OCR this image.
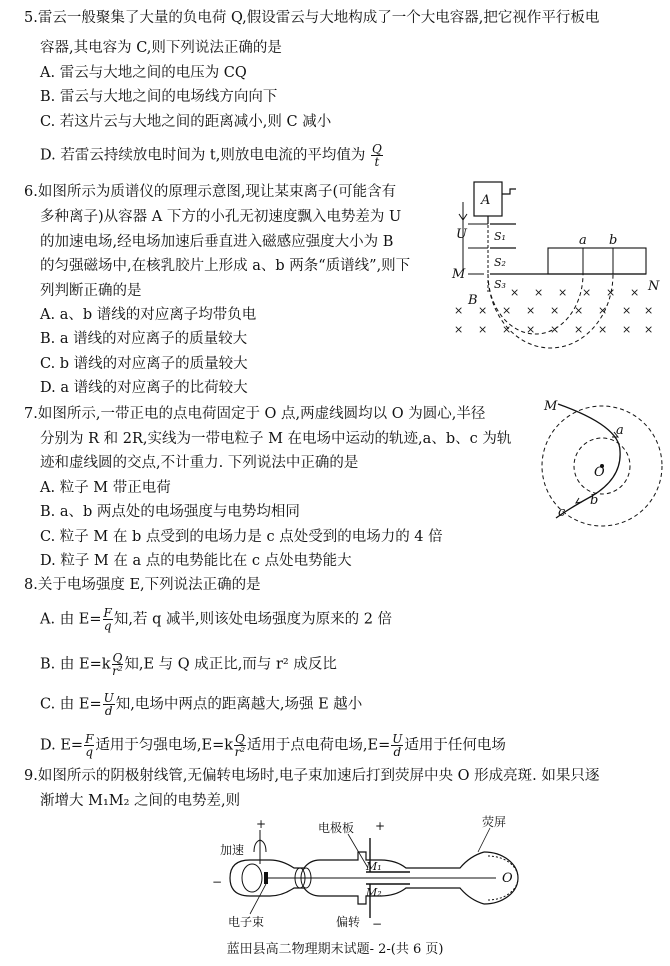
5.雷云一般聚集了大量的负电荷 Q,假设雷云与大地构成了一个大电容器,把它视作平行板电
容器,其电容为 C,则下列说法正确的是
A. 雷云与大地之间的电压为 CQ
B. 雷云与大地之间的电场线方向向下
C. 若这片云与大地之间的距离减小,则 C 减小
D. 若雷云持续放电时间为 t,则放电电流的平均值为 $\frac{Q}{t}$
6.如图所示为质谱仪的原理示意图,现让某束离子(可能含有
多种离子)从容器 A 下方的小孔无初速度飘入电势差为 U
的加速电场,经电场加速后垂直进入磁感应强度大小为 B
的匀强磁场中,在核乳胶片上形成 a、b 两条“质谱线”,则下
列判断正确的是
A. a、b 谱线的对应离子均带负电
B. a 谱线的对应离子的质量较大
C. b 谱线的对应离子的质量较大
D. a 谱线的对应离子的比荷较大
A
U S₁
S₂
S₃
M
a b
N
B
× × × × × ×
× × × × × × × × ×
× × × × × × × × ×
7.如图所示,一带正电的点电荷固定于 O 点,两虚线圆均以 O 为圆心,半径
分别为 R 和 2R,实线为一带电粒子 M 在电场中运动的轨迹,a、b、c 为轨
迹和虚线圆的交点,不计重力. 下列说法中正确的是
A. 粒子 M 带正电荷
B. a、b 两点处的电场强度与电势均相同
C. 粒子 M 在 b 点受到的电场力是 c 点处受到的电场力的 4 倍
D. 粒子 M 在 a 点的电势能比在 c 点处电势能大
M
a
O
b
c
8.关于电场强度 E,下列说法正确的是
A. 由 $E= \frac{F}{q}$ 知,若 q 减半,则该处电场强度为原来的 2 倍
B. 由 $E=k \frac{Q}{\text{r²}}$ 知,E 与 Q 成正比,而与 r² 成反比
C. 由 $E= \frac{U}{d}$ 知,电场中两点的距离越大,场强 E 越小
D. $E= \frac{F}{q}$ 适用于匀强电场$,E=k \frac{Q}{\text{r²}}$ 适用于点电荷电场$,E= \frac{U}{d}$ 适用于任何电场
9.如图所示的阴极射线管,无偏转电场时,电子束加速后打到荧屏中央 O 形成亮斑. 如果只逐
渐增大 M₁M₂ 之间的电势差,则
加速
+
−
电极板 +
−
M₁
M₂
荧屏
O
电子束	偏转
蓝田县高二物理期末试题- 2-(共 6 页)
